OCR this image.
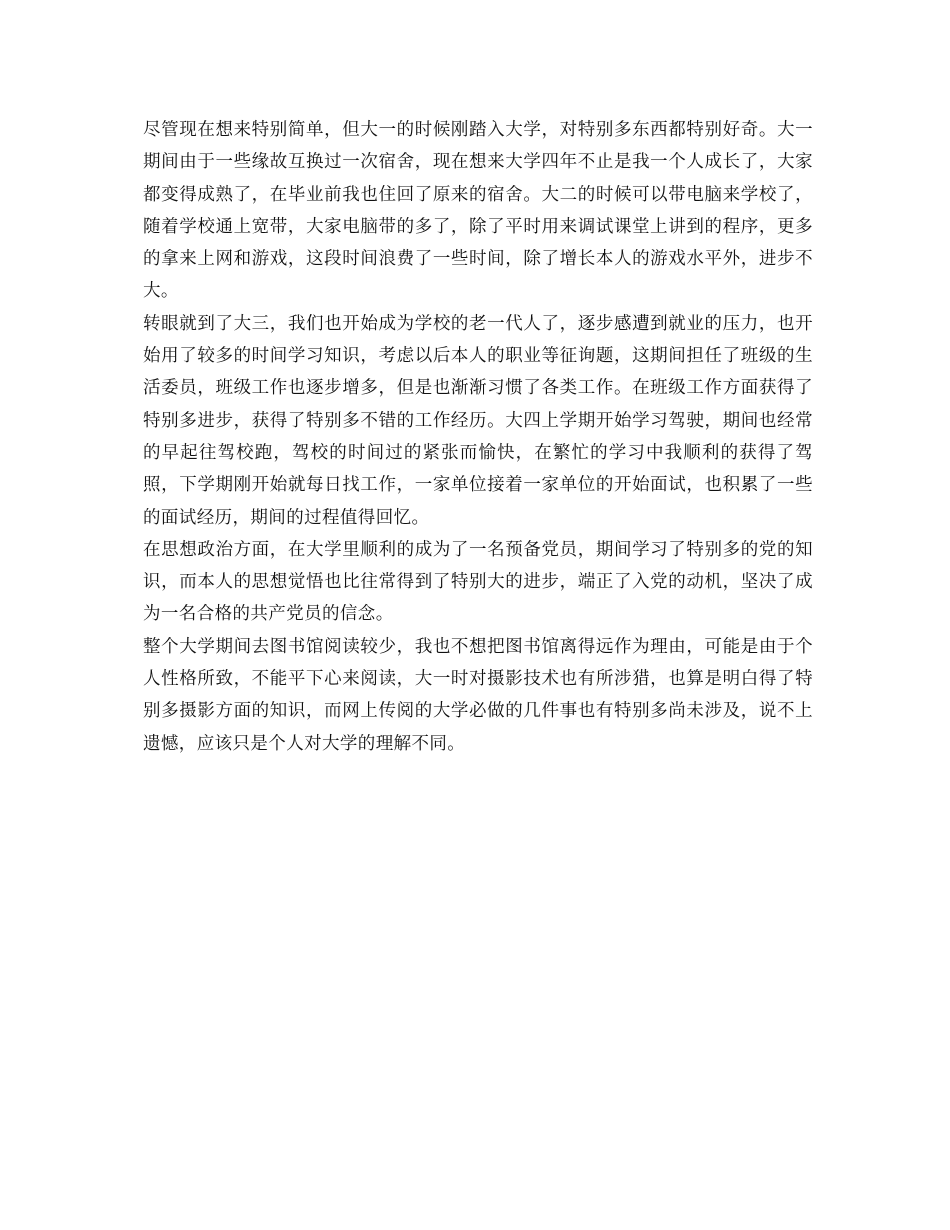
尽管现在想来特别简单，但大一的时候刚踏入大学，对特别多东西都特别好奇。大一期间由于一些缘故互换过一次宿舍，现在想来大学四年不止是我一个人成长了，大家都变得成熟了，在毕业前我也住回了原来的宿舍。大二的时候可以带电脑来学校了，随着学校通上宽带，大家电脑带的多了，除了平时用来调试课堂上讲到的程序，更多的拿来上网和游戏，这段时间浪费了一些时间，除了增长本人的游戏水平外，进步不大。

转眼就到了大三，我们也开始成为学校的老一代人了，逐步感遭到就业的压力，也开始用了较多的时间学习知识，考虑以后本人的职业等征询题，这期间担任了班级的生活委员，班级工作也逐步增多，但是也渐渐习惯了各类工作。在班级工作方面获得了特别多进步，获得了特别多不错的工作经历。大四上学期开始学习驾驶，期间也经常的早起往驾校跑，驾校的时间过的紧张而愉快，在繁忙的学习中我顺利的获得了驾照，下学期刚开始就每日找工作，一家单位接着一家单位的开始面试，也积累了一些的面试经历，期间的过程值得回忆。

在思想政治方面，在大学里顺利的成为了一名预备党员，期间学习了特别多的党的知识，而本人的思想觉悟也比往常得到了特别大的进步，端正了入党的动机，坚决了成为一名合格的共产党员的信念。

整个大学期间去图书馆阅读较少，我也不想把图书馆离得远作为理由，可能是由于个人性格所致，不能平下心来阅读，大一时对摄影技术也有所涉猎，也算是明白得了特别多摄影方面的知识，而网上传阅的大学必做的几件事也有特别多尚未涉及，说不上遗憾，应该只是个人对大学的理解不同。
